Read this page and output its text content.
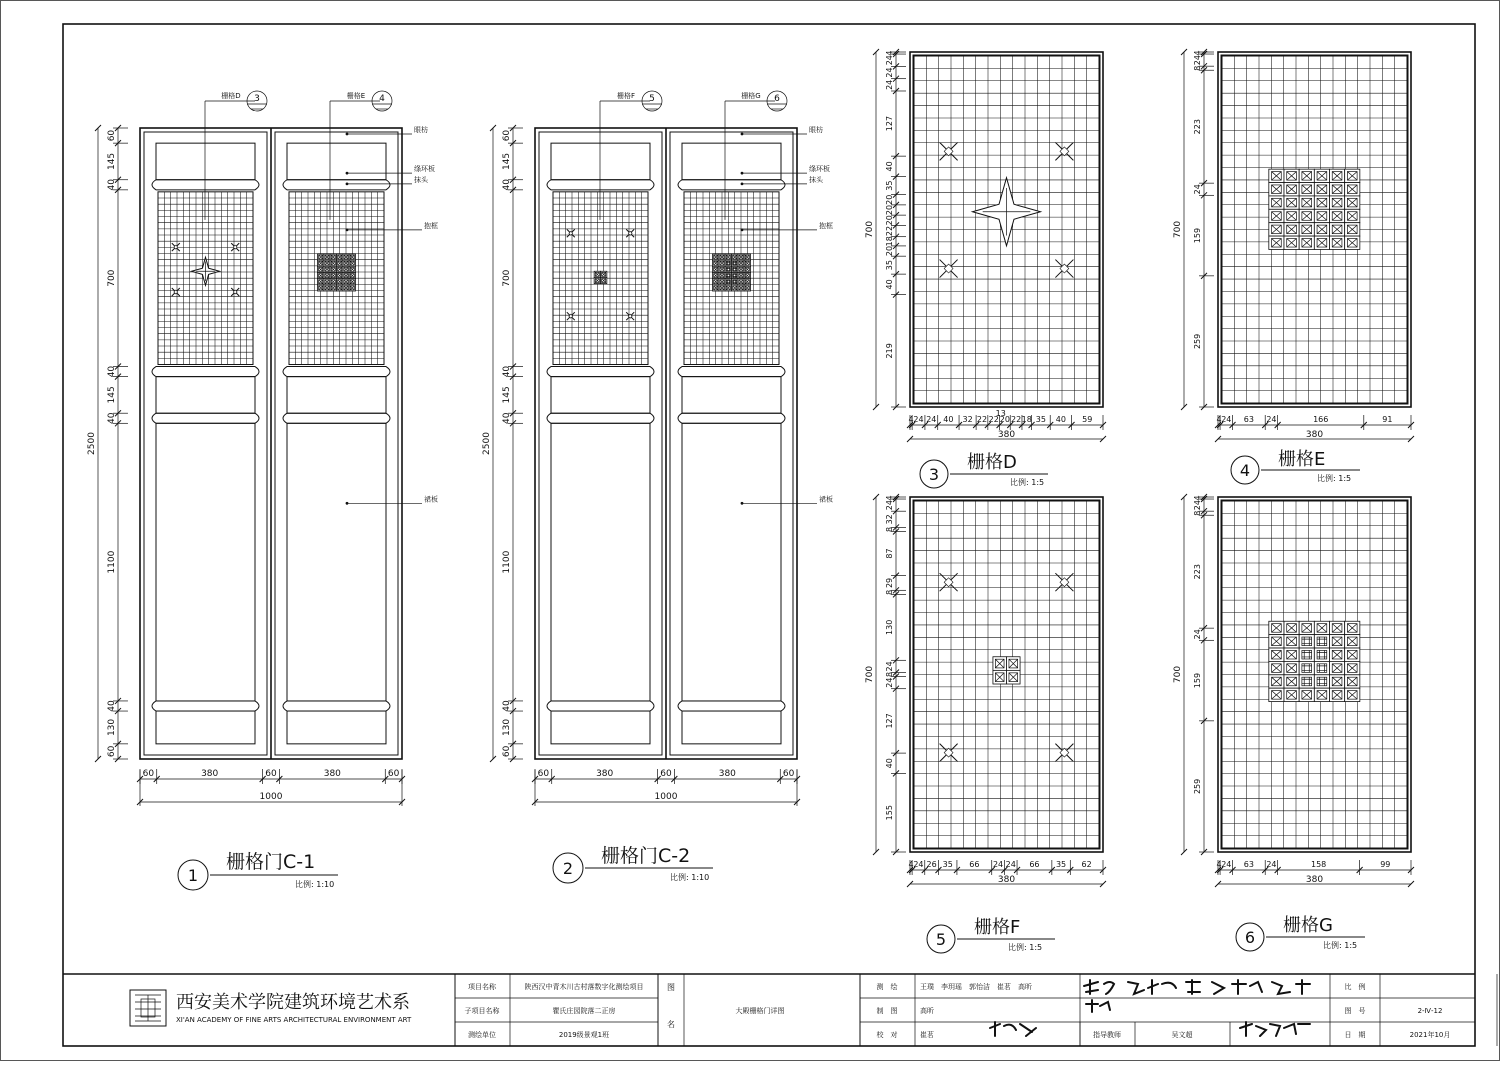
60
145
40
700
40
145
40
1100
40
130
60
2500
60	380	60	380	60
1000
眼枋
绦环板
抹头
抱框
裙板
3
栅格D	4
栅格E
60
145
40
700
40
145
40
1100
40
130
60
2500
60	380	60	380	60
1000
眼枋
绦环板
抹头
抱框
裙板
5
栅格F	6
栅格G
4
24
24
24
127
40
35
20
20
20
22
18
20
35
40
219
700
4 24 24 40 32 22 22 20 22 18 35 40 59
380
13
4
24
8
223
24
159
259
700
4 24 63 24	166	91
380
4
24
32
8
87
29
8
130
24
8
24
127
40
155
700
4 24 26 35 66 24 24 66 35 62
380
4
24
8
223
24
159
259
700
4 24 63 24	158	99
380
1
栅格门C-1
比例: 1:10
2
栅格门C-2
比例: 1:10
3
栅格D
比例: 1:5
4
栅格E
比例: 1:5
5
栅格F
比例: 1:5
6
栅格G
比例: 1:5
西安美术学院建筑环境艺术系
XI'AN ACADEMY OF FINE ARTS ARCHITECTURAL ENVIRONMENT ART
项目名称	陕西汉中青木川古村落数字化测绘项目
子项目名称	瞿氏庄园院落二正房
测绘单位	2019级景观1班
图
名
大殿栅格门详图
测　绘	王璞　李玥瑶　郭怡洁　崔茗　高昕
制　图	高昕
校　对	崔茗	指导教师	吴文超
比　例
图　号	2-Ⅳ-12
日　期	2021年10月
